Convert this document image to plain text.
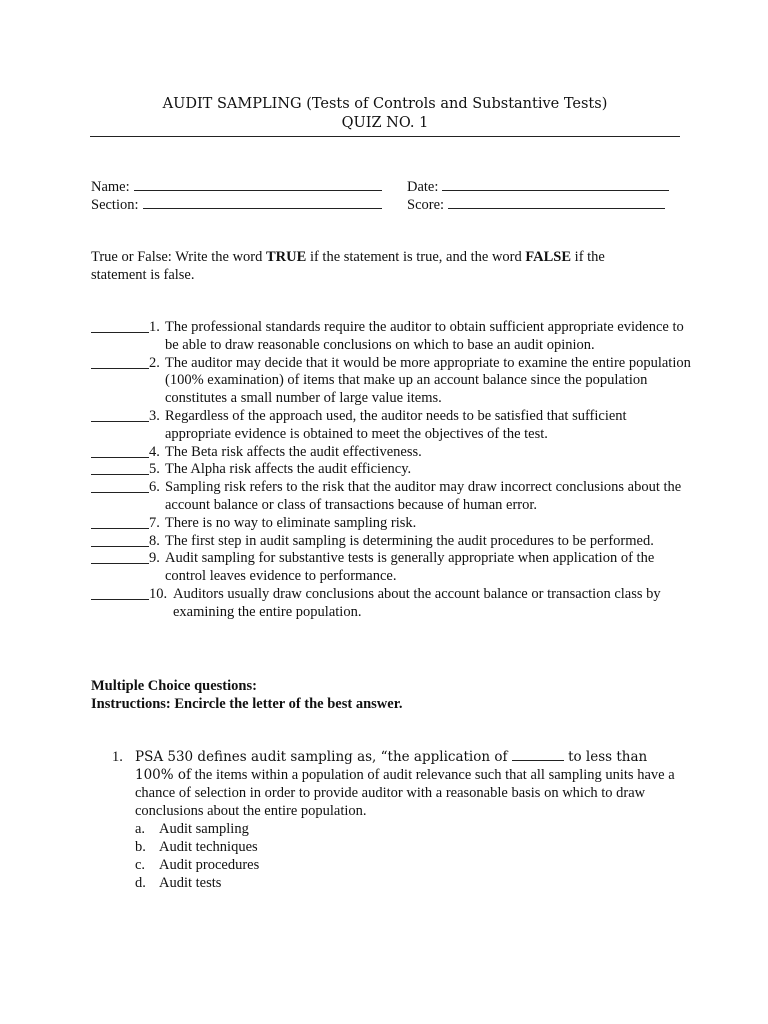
AUDIT SAMPLING (Tests of Controls and Substantive Tests)
QUIZ NO. 1
Name:
Section:
Date:
Score:
True or False: Write the word TRUE if the statement is true, and the word FALSE if the statement is false.
1. The professional standards require the auditor to obtain sufficient appropriate evidence to be able to draw reasonable conclusions on which to base an audit opinion.
2. The auditor may decide that it would be more appropriate to examine the entire population (100% examination) of items that make up an account balance since the population constitutes a small number of large value items.
3. Regardless of the approach used, the auditor needs to be satisfied that sufficient appropriate evidence is obtained to meet the objectives of the test.
4. The Beta risk affects the audit effectiveness.
5. The Alpha risk affects the audit efficiency.
6. Sampling risk refers to the risk that the auditor may draw incorrect conclusions about the account balance or class of transactions because of human error.
7. There is no way to eliminate sampling risk.
8. The first step in audit sampling is determining the audit procedures to be performed.
9. Audit sampling for substantive tests is generally appropriate when application of the control leaves evidence to performance.
10. Auditors usually draw conclusions about the account balance or transaction class by examining the entire population.
Multiple Choice questions:
Instructions: Encircle the letter of the best answer.
1. PSA 530 defines audit sampling as, “the application of	to less than 100% of the items within a population of audit relevance such that all sampling units have a chance of selection in order to provide auditor with a reasonable basis on which to draw conclusions about the entire population.
a. Audit sampling
b. Audit techniques
c. Audit procedures
d. Audit tests
